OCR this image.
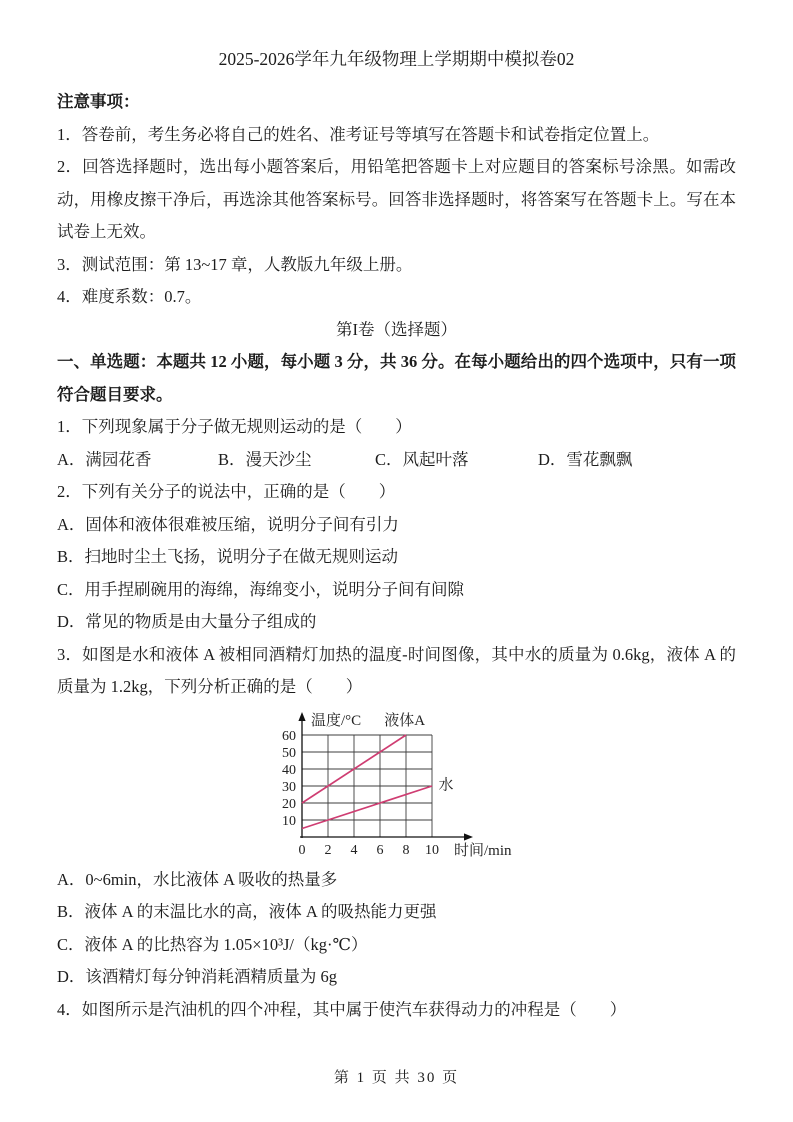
2025-2026学年九年级物理上学期期中模拟卷02

注意事项：

1．答卷前，考生务必将自己的姓名、准考证号等填写在答题卡和试卷指定位置上。

2．回答选择题时，选出每小题答案后，用铅笔把答题卡上对应题目的答案标号涂黑。如需改动，用橡皮擦干净后，再选涂其他答案标号。回答非选择题时，将答案写在答题卡上。写在本试卷上无效。

3．测试范围：第 13~17 章，人教版九年级上册。

4．难度系数：0.7。

第I卷（选择题）

一、单选题：本题共 12 小题，每小题 3 分，共 36 分。在每小题给出的四个选项中，只有一项符合题目要求。

1．下列现象属于分子做无规则运动的是（　　）

A．满园花香	B．漫天沙尘	C．风起叶落	D．雪花飘飘

2．下列有关分子的说法中，正确的是（　　）

A．固体和液体很难被压缩，说明分子间有引力

B．扫地时尘土飞扬，说明分子在做无规则运动

C．用手捏刷碗用的海绵，海绵变小，说明分子间有间隙

D．常见的物质是由大量分子组成的

3．如图是水和液体 A 被相同酒精灯加热的温度-时间图像，其中水的质量为 0.6kg，液体 A 的质量为 1.2kg，下列分析正确的是（　　）

10
20
30
40
50
60
0 2 4 6 8 10
温度/°C
时间/min
液体A
水

A．0~6min，水比液体 A 吸收的热量多

B．液体 A 的末温比水的高，液体 A 的吸热能力更强

C．液体 A 的比热容为 1.05×10³J/（kg·℃）

D．该酒精灯每分钟消耗酒精质量为 6g

4．如图所示是汽油机的四个冲程，其中属于使汽车获得动力的冲程是（　　）

第 1 页 共 30 页
